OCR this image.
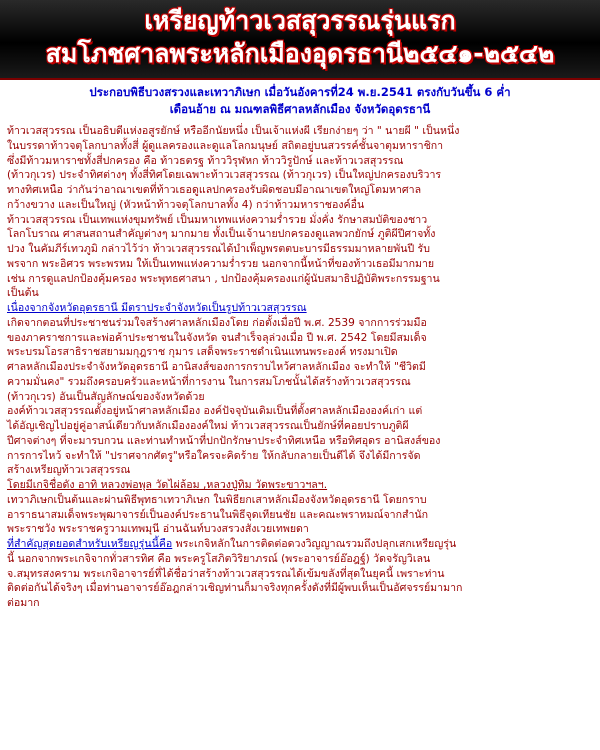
เหรียญท้าวเวสสุวรรณรุ่นแรก
สมโภชศาลพระหลักเมืองอุดรธานี๒๕๔๑-๒๕๔๒
ประกอบพิธีบวงสรวงและเทวาภิเษก เมื่อวันอังคารที่24 พ.ย.2541 ตรงกับวันขึ้น 6 ค่ำ
เดือนอ้าย ณ มณฑลพิธีศาลหลักเมือง จังหวัดอุดรธานี
ท้าวเวสสุวรรณ เป็นอธิบดีแห่งอสูรยักษ์ หรืออีกนัยหนึ่ง เป็นเจ้าแห่งผี เรียกง่ายๆ ว่า " นายผี " เป็นหนึ่ง
ในบรรดาท้าวจตุโลกบาลทั้งสี่ ผู้ดูแลครองและดูแลโลกมนุษย์ สถิตอยู่บนสวรรค์ชั้นจาตุมหาราชิกา
ซึ่งมีท้าวมหาราชทั้งสี่ปกครอง คือ ท้าวธตรฐ ท้าววิรุฬหก ท้าววิรูปักษ์ และท้าวเวสสุวรรณ
(ท้าวกุเวร) ประจำทิศต่างๆ ทั้งสี่ทิศโดยเฉพาะท้าวเวสสุวรรณ (ท้าวกุเวร) เป็นใหญ่ปกครองบริวาร
ทางทิศเหนือ ว่ากันว่าอาณาเขตที่ท้าวเธอดูแลปกครองรับผิดชอบมีอาณาเขตใหญ่โตมหาศาล
กว้างขวาง และเป็นใหญ่ (หัวหน้าท้าวจตุโลกบาลทั้ง 4) กว่าท้าวมหาราชองค์อื่น
ท้าวเวสสุวรรณ เป็นเทพแห่งขุมทรัพย์ เป็นมหาเทพแห่งความร่ำรวย มั่งคั่ง รักษาสมบัติของชาว
โลกโบราณ ศาสนสถานสำคัญต่างๆ มากมาย ทั้งเป็นเจ้านายปกครองดูแลพวกยักษ์ ภูติผีปีศาจทั้ง
ปวง ในคัมภีร์เทวภูมิ กล่าวไว้ว่า ท้าวเวสสุวรรณได้บำเพ็ญพรตตบะบารมีธรรมมาหลายพันปี รับ
พรจาก พระอิศวร พระพรหม ให้เป็นเทพแห่งความร่ำรวย นอกจากนี้หน้าที่ของท้าวเธอมีมากมาย
เช่น การดูแลปกป้องคุ้มครอง พระพุทธศาสนา , ปกป้องคุ้มครองแก่ผู้นับสมาธิปฏิบัติพระกรรมฐาน
เป็นต้น
เนื่องจากจังหวัดอุดรธานี มีตราประจำจังหวัดเป็นรูปท้าวเวสสุวรรณ
เกิดจากตอนที่ประชาชนร่วมใจสร้างศาลหลักเมืองโดย ก่อตั้งเมื่อปี พ.ศ. 2539 จากการร่วมมือ
ของภาคราชการและพ่อค้าประชาชนในจังหวัด จนสำเร็จลุล่วงเมื่อ ปี พ.ศ. 2542 โดยมีสมเด็จ
พระบรมโอรสาธิราชสยามมกุฎราช กุมาร เสด็จพระราชดำเนินแทนพระองค์ ทรงมาเปิด
ศาลหลักเมืองประจำจังหวัดอุดรธานี อานิสงส์ของการกราบไหว้ศาลหลักเมือง จะทำให้ "ชีวิตมี
ความมั่นคง" รวมถึงครอบครัวและหน้าที่การงาน ในการสมโภชนั้นได้สร้างท้าวเวสสุวรรณ
(ท้าวกุเวร) อันเป็นสัญลักษณ์ของจังหวัดด้วย
องค์ท้าวเวสสุวรรณตั้งอยู่หน้าศาลหลักเมือง องค์ปัจจุบันเดิมเป็นที่ตั้งศาลหลักเมืององค์เก่า แต่
ได้อัญเชิญไปอยู่คู่อาสน์เดียวกับหลักเมืององค์ใหม่ ท้าวเวสสุวรรณเป็นยักษ์ที่คอยปราบภูติผี
ปีศาจต่างๆ ที่จะมารบกวน และท่านทำหน้าที่ปกปักรักษาประจำทิศเหนือ หรือทิศอุดร อานิสงส์ของ
การการไหว้ จะทำให้ "ปราศจากศัตรู"หรือใครจะคิดร้าย ให้กลับกลายเป็นดีได้ จึงได้มีการจัด
สร้างเหรียญท้าวเวสสุวรรณ
โดยมีเกจิชื่อดัง อาทิ หลวงพ่อพุล วัดไผ่ล้อม ,หลวงปู่ทิม วัดพระขาวฯลฯ.
เทวาภิเษกเป็นต้นและผ่านพิธีพุทธาเทวาภิเษก ในพิธียกเสาหลักเมืองจังหวัดอุดรธานี โดยกราบ
อาราธนาสมเด็จพระพุฒาจารย์เป็นองค์ประธานในพิธีจุดเทียนชัย และคณะพราหมณ์จากสำนัก
พระราชวัง พระราชครูวามเทพมุนี อ่านฉันท์บวงสรวงสังเวยเทพยดา
ที่สำคัญสุดยอดสำหรับเหรียญรุ่นนี้คือ พระเกจิหลักในการติดต่อดวงวิญญาณรวมถึงปลุกเสกเหรียญรุ่น
นี้ นอกจากพระเกจิจากทั่วสารทิศ คือ พระครูโสภิตวิริยาภรณ์ (พระอาจารย์อ๊อฎฐ์) วัดจรัญวิเลน
จ.สมุทรสงคราม พระเกจิอาจารย์ที่ได้ชื่อว่าสร้างท้าวเวสสุวรรณได้เข้มขลังที่สุดในยุคนี้ เพราะท่าน
ติดต่อกันได้จริงๆ เมื่อท่านอาจารย์อ๊อฎกล่าวเชิญท่านก็มาจริงทุกครั้งดังที่มีผู้พบเห็นเป็นอัศจรรย์มามาก
ต่อมาก
